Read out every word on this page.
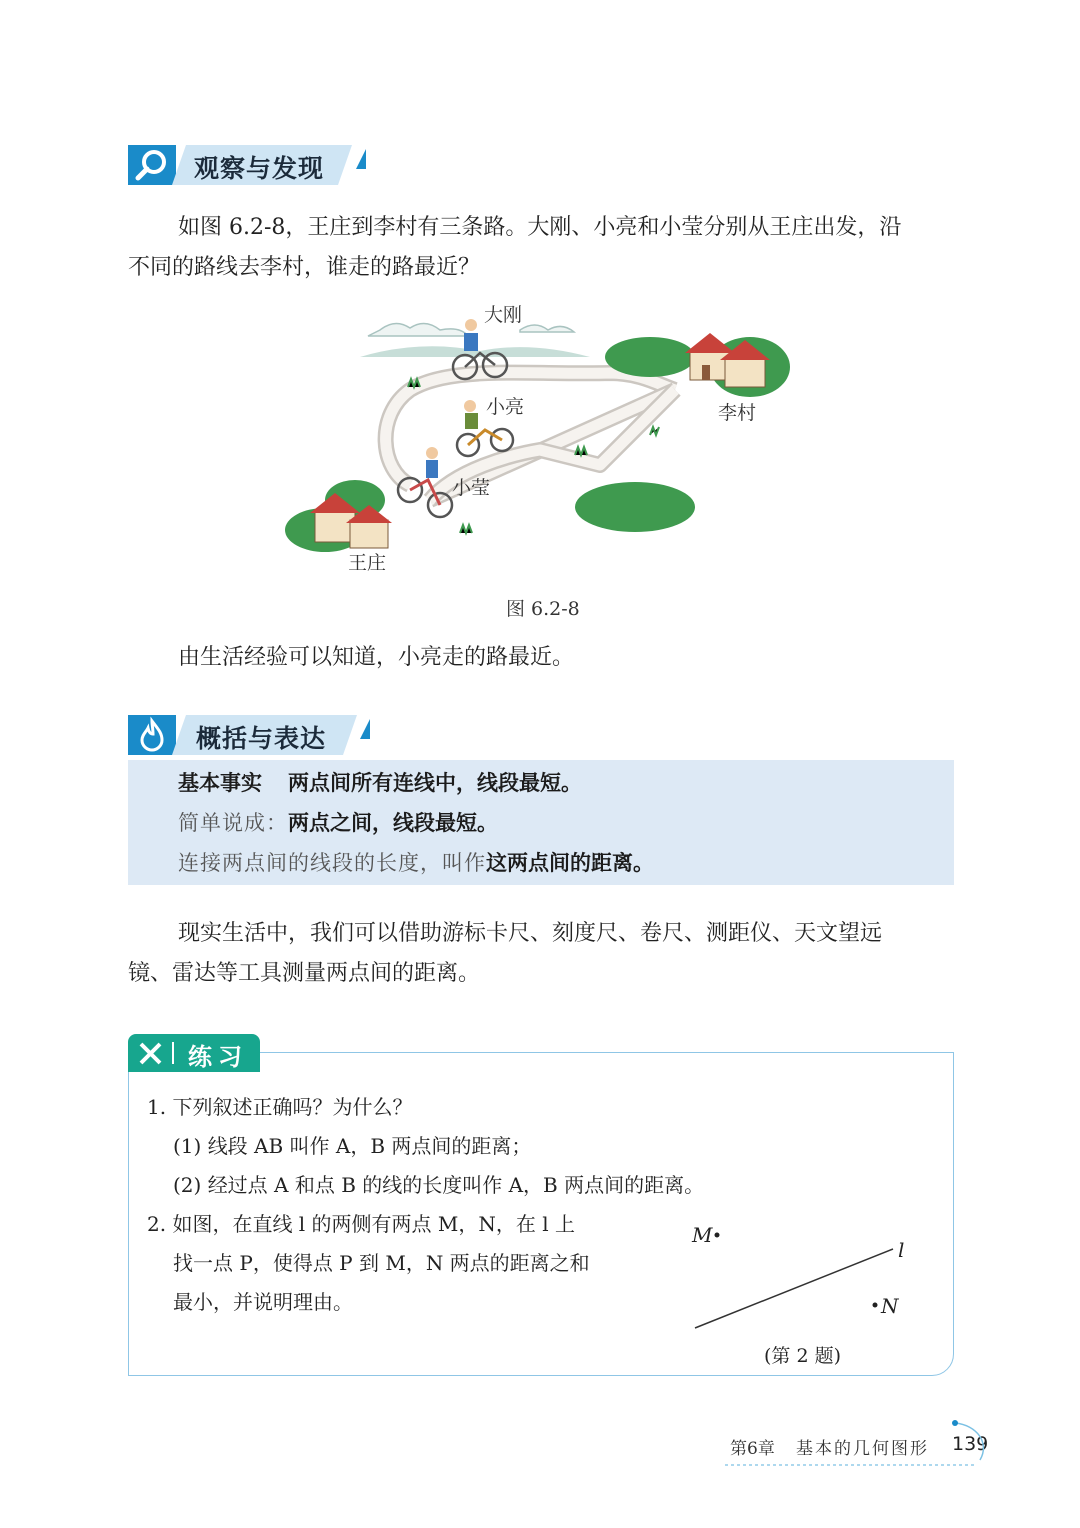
观察与发现
如图 6.2-8，王庄到李村有三条路。大刚、小亮和小莹分别从王庄出发，沿
不同的路线去李村，谁走的路最近？
大刚
小亮
小莹
李村
王庄
图 6.2-8
由生活经验可以知道，小亮走的路最近。
概括与表达
基本事实 两点间所有连线中，线段最短。
简单说成：两点之间，线段最短。
连接两点间的线段的长度，叫作这两点间的距离。
现实生活中，我们可以借助游标卡尺、刻度尺、卷尺、测距仪、天文望远
镜、雷达等工具测量两点间的距离。
练习
1. 下列叙述正确吗？为什么？
(1) 线段 AB 叫作 A，B 两点间的距离；
(2) 经过点 A 和点 B 的线的长度叫作 A，B 两点间的距离。
2. 如图，在直线 l 的两侧有两点 M，N，在 l 上
找一点 P，使得点 P 到 M，N 两点的距离之和
最小，并说明理由。
M
N
l
(第 2 题)
第6章 基本的几何图形 139
